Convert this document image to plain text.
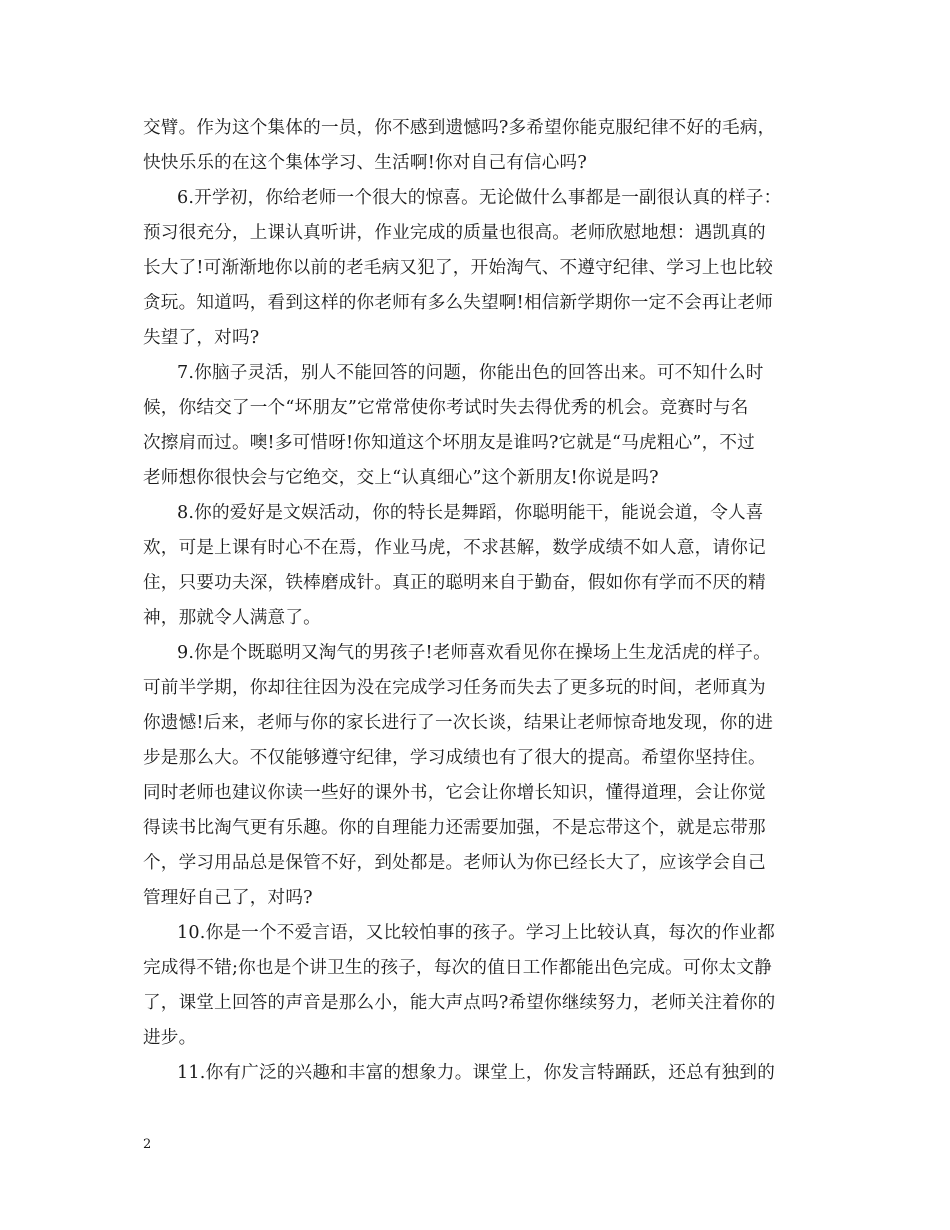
交臂。作为这个集体的一员，你不感到遗憾吗?多希望你能克服纪律不好的毛病，
快快乐乐的在这个集体学习、生活啊!你对自己有信心吗?
6.开学初，你给老师一个很大的惊喜。无论做什么事都是一副很认真的样子：
预习很充分，上课认真听讲，作业完成的质量也很高。老师欣慰地想：遇凯真的
长大了!可渐渐地你以前的老毛病又犯了，开始淘气、不遵守纪律、学习上也比较
贪玩。知道吗，看到这样的你老师有多么失望啊!相信新学期你一定不会再让老师
失望了，对吗?
7.你脑子灵活，别人不能回答的问题，你能出色的回答出来。可不知什么时
候，你结交了一个“坏朋友”它常常使你考试时失去得优秀的机会。竞赛时与名
次擦肩而过。噢!多可惜呀!你知道这个坏朋友是谁吗?它就是“马虎粗心”，不过
老师想你很快会与它绝交，交上“认真细心”这个新朋友!你说是吗?
8.你的爱好是文娱活动，你的特长是舞蹈，你聪明能干，能说会道，令人喜
欢，可是上课有时心不在焉，作业马虎，不求甚解，数学成绩不如人意，请你记
住，只要功夫深，铁棒磨成针。真正的聪明来自于勤奋，假如你有学而不厌的精
神，那就令人满意了。
9.你是个既聪明又淘气的男孩子!老师喜欢看见你在操场上生龙活虎的样子。
可前半学期，你却往往因为没在完成学习任务而失去了更多玩的时间，老师真为
你遗憾!后来，老师与你的家长进行了一次长谈，结果让老师惊奇地发现，你的进
步是那么大。不仅能够遵守纪律，学习成绩也有了很大的提高。希望你坚持住。
同时老师也建议你读一些好的课外书，它会让你增长知识，懂得道理，会让你觉
得读书比淘气更有乐趣。你的自理能力还需要加强，不是忘带这个，就是忘带那
个，学习用品总是保管不好，到处都是。老师认为你已经长大了，应该学会自己
管理好自己了，对吗?
10.你是一个不爱言语，又比较怕事的孩子。学习上比较认真，每次的作业都
完成得不错;你也是个讲卫生的孩子，每次的值日工作都能出色完成。可你太文静
了，课堂上回答的声音是那么小，能大声点吗?希望你继续努力，老师关注着你的
进步。
11.你有广泛的兴趣和丰富的想象力。课堂上，你发言特踊跃，还总有独到的
2
